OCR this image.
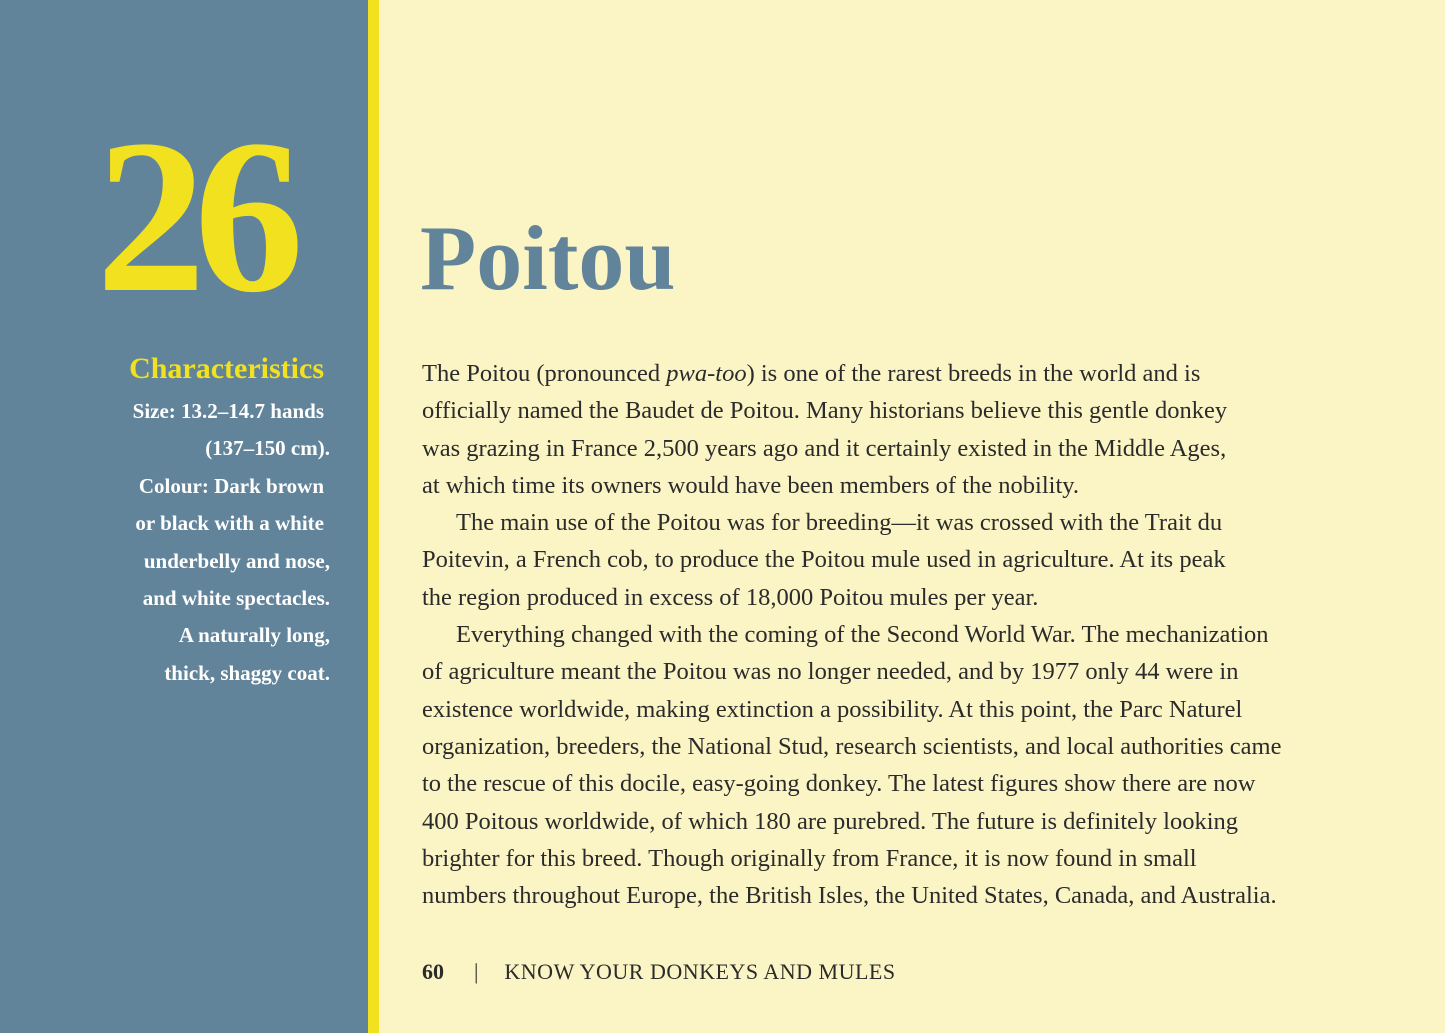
26
Characteristics
Size: 13.2–14.7 hands
(137–150 cm).
Colour: Dark brown
or black with a white
underbelly and nose,
and white spectacles.
A naturally long,
thick, shaggy coat.
Poitou
The Poitou (pronounced pwa-too) is one of the rarest breeds in the world and is
officially named the Baudet de Poitou. Many historians believe this gentle donkey
was grazing in France 2,500 years ago and it certainly existed in the Middle Ages,
at which time its owners would have been members of the nobility.
The main use of the Poitou was for breeding—it was crossed with the Trait du
Poitevin, a French cob, to produce the Poitou mule used in agriculture. At its peak
the region produced in excess of 18,000 Poitou mules per year.
Everything changed with the coming of the Second World War. The mechanization
of agriculture meant the Poitou was no longer needed, and by 1977 only 44 were in
existence worldwide, making extinction a possibility. At this point, the Parc Naturel
organization, breeders, the National Stud, research scientists, and local authorities came
to the rescue of this docile, easy-going donkey. The latest figures show there are now
400 Poitous worldwide, of which 180 are purebred. The future is definitely looking
brighter for this breed. Though originally from France, it is now found in small
numbers throughout Europe, the British Isles, the United States, Canada, and Australia.
60 | KNOW YOUR DONKEYS AND MULES
